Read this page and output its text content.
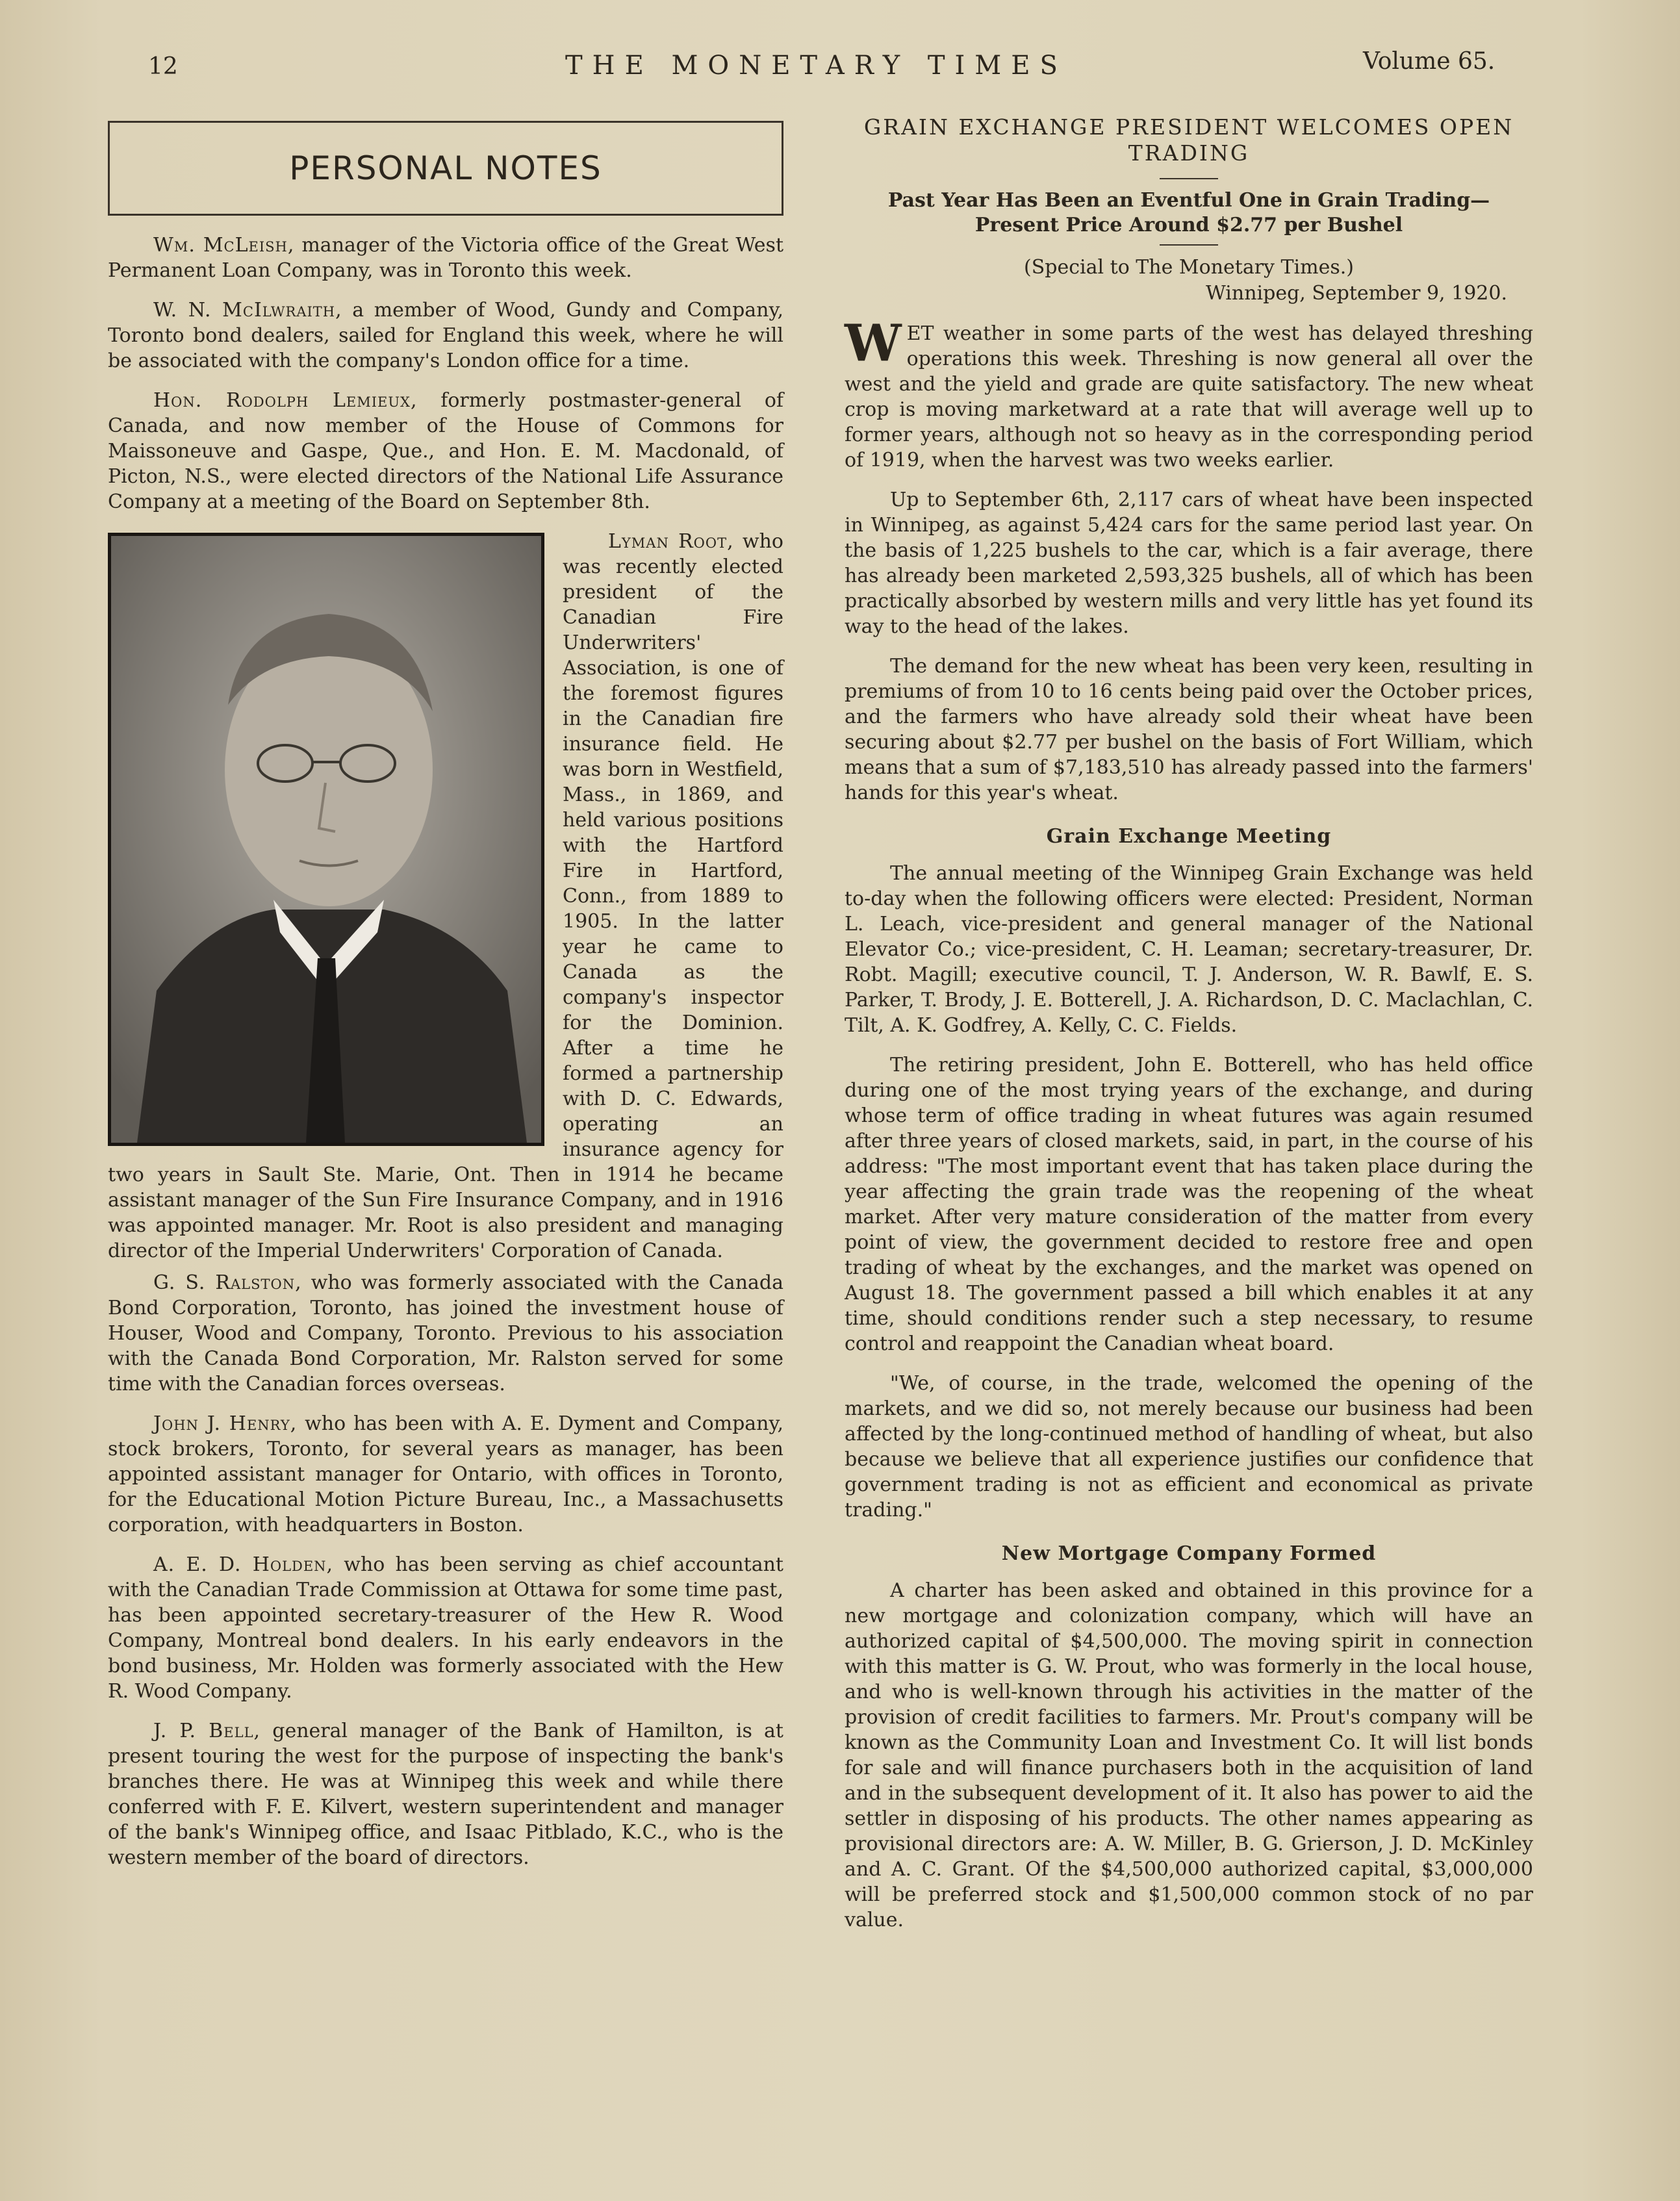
12	THE MONETARY TIMES	Volume 65.
PERSONAL NOTES

Wm. McLeish, manager of the Victoria office of the Great West Permanent Loan Company, was in Toronto this week.

W. N. McIlwraith, a member of Wood, Gundy and Company, Toronto bond dealers, sailed for England this week, where he will be associated with the company's London office for a time.

Hon. Rodolph Lemieux, formerly postmaster-general of Canada, and now member of the House of Commons for Maissoneuve and Gaspe, Que., and Hon. E. M. Macdonald, of Picton, N.S., were elected directors of the National Life Assurance Company at a meeting of the Board on September 8th.

Lyman Root, who was recently elected president of the Canadian Fire Underwriters' Association, is one of the foremost figures in the Canadian fire insurance field. He was born in Westfield, Mass., in 1869, and held various positions with the Hartford Fire in Hartford, Conn., from 1889 to 1905. In the latter year he came to Canada as the company's inspector for the Dominion. After a time he formed a partnership with D. C. Edwards, operating an insurance agency for two years in Sault Ste. Marie, Ont. Then in 1914 he became assistant manager of the Sun Fire Insurance Company, and in 1916 was appointed manager. Mr. Root is also president and managing director of the Imperial Underwriters' Corporation of Canada.

G. S. Ralston, who was formerly associated with the Canada Bond Corporation, Toronto, has joined the investment house of Houser, Wood and Company, Toronto. Previous to his association with the Canada Bond Corporation, Mr. Ralston served for some time with the Canadian forces overseas.

John J. Henry, who has been with A. E. Dyment and Company, stock brokers, Toronto, for several years as manager, has been appointed assistant manager for Ontario, with offices in Toronto, for the Educational Motion Picture Bureau, Inc., a Massachusetts corporation, with headquarters in Boston.

A. E. D. Holden, who has been serving as chief accountant with the Canadian Trade Commission at Ottawa for some time past, has been appointed secretary-treasurer of the Hew R. Wood Company, Montreal bond dealers. In his early endeavors in the bond business, Mr. Holden was formerly associated with the Hew R. Wood Company.

J. P. Bell, general manager of the Bank of Hamilton, is at present touring the west for the purpose of inspecting the bank's branches there. He was at Winnipeg this week and while there conferred with F. E. Kilvert, western superintendent and manager of the bank's Winnipeg office, and Isaac Pitblado, K.C., who is the western member of the board of directors.

GRAIN EXCHANGE PRESIDENT WELCOMES OPEN TRADING
Past Year Has Been an Eventful One in Grain Trading— Present Price Around $2.77 per Bushel
(Special to The Monetary Times.)
Winnipeg, September 9, 1920.

WET weather in some parts of the west has delayed threshing operations this week. Threshing is now general all over the west and the yield and grade are quite satisfactory. The new wheat crop is moving marketward at a rate that will average well up to former years, although not so heavy as in the corresponding period of 1919, when the harvest was two weeks earlier.

Up to September 6th, 2,117 cars of wheat have been inspected in Winnipeg, as against 5,424 cars for the same period last year. On the basis of 1,225 bushels to the car, which is a fair average, there has already been marketed 2,593,325 bushels, all of which has been practically absorbed by western mills and very little has yet found its way to the head of the lakes.

The demand for the new wheat has been very keen, resulting in premiums of from 10 to 16 cents being paid over the October prices, and the farmers who have already sold their wheat have been securing about $2.77 per bushel on the basis of Fort William, which means that a sum of $7,183,510 has already passed into the farmers' hands for this year's wheat.

Grain Exchange Meeting

The annual meeting of the Winnipeg Grain Exchange was held to-day when the following officers were elected: President, Norman L. Leach, vice-president and general manager of the National Elevator Co.; vice-president, C. H. Leaman; secretary-treasurer, Dr. Robt. Magill; executive council, T. J. Anderson, W. R. Bawlf, E. S. Parker, T. Brody, J. E. Botterell, J. A. Richardson, D. C. Maclachlan, C. Tilt, A. K. Godfrey, A. Kelly, C. C. Fields.

The retiring president, John E. Botterell, who has held office during one of the most trying years of the exchange, and during whose term of office trading in wheat futures was again resumed after three years of closed markets, said, in part, in the course of his address: "The most important event that has taken place during the year affecting the grain trade was the reopening of the wheat market. After very mature consideration of the matter from every point of view, the government decided to restore free and open trading of wheat by the exchanges, and the market was opened on August 18. The government passed a bill which enables it at any time, should conditions render such a step necessary, to resume control and reappoint the Canadian wheat board.

"We, of course, in the trade, welcomed the opening of the markets, and we did so, not merely because our business had been affected by the long-continued method of handling of wheat, but also because we believe that all experience justifies our confidence that government trading is not as efficient and economical as private trading."

New Mortgage Company Formed

A charter has been asked and obtained in this province for a new mortgage and colonization company, which will have an authorized capital of $4,500,000. The moving spirit in connection with this matter is G. W. Prout, who was formerly in the local house, and who is well-known through his activities in the matter of the provision of credit facilities to farmers. Mr. Prout's company will be known as the Community Loan and Investment Co. It will list bonds for sale and will finance purchasers both in the acquisition of land and in the subsequent development of it. It also has power to aid the settler in disposing of his products. The other names appearing as provisional directors are: A. W. Miller, B. G. Grierson, J. D. McKinley and A. C. Grant. Of the $4,500,000 authorized capital, $3,000,000 will be preferred stock and $1,500,000 common stock of no par value.
